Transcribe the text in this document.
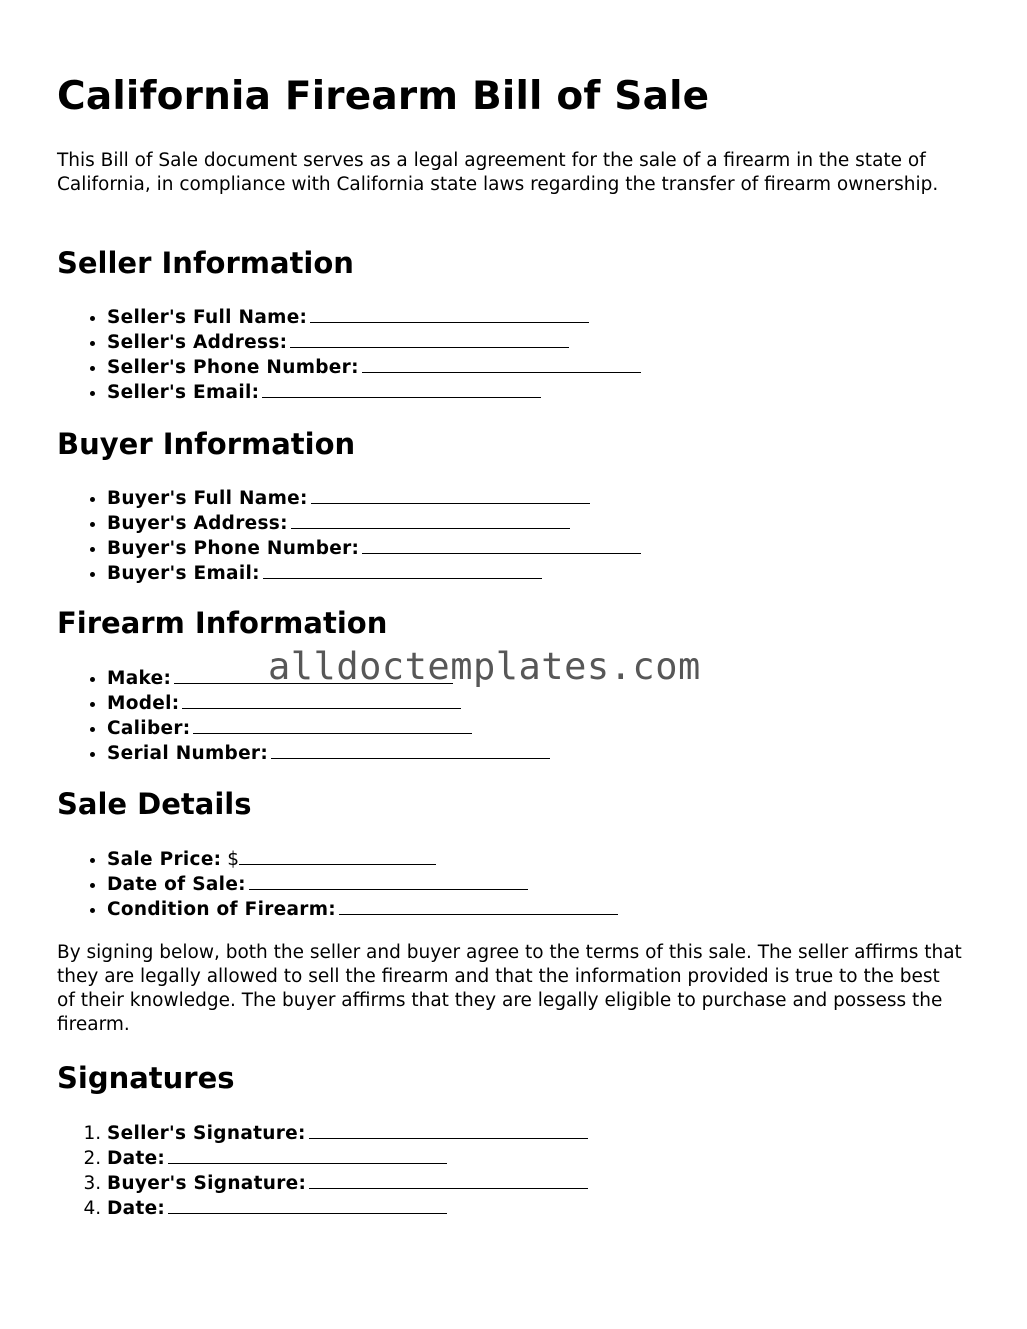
California Firearm Bill of Sale

This Bill of Sale document serves as a legal agreement for the sale of a firearm in the state of California, in compliance with California state laws regarding the transfer of firearm ownership.

Seller Information
• Seller's Full Name:
• Seller's Address:
• Seller's Phone Number:
• Seller's Email:
Buyer Information
• Buyer's Full Name:
• Buyer's Address:
• Buyer's Phone Number:
• Buyer's Email:
Firearm Information
• Make:
• Model:
• Caliber:
• Serial Number:
Sale Details
• Sale Price: $
• Date of Sale:
• Condition of Firearm:

By signing below, both the seller and buyer agree to the terms of this sale. The seller affirms that they are legally allowed to sell the firearm and that the information provided is true to the best of their knowledge. The buyer affirms that they are legally eligible to purchase and possess the firearm.

Signatures
1. Seller's Signature:
2. Date:
3. Buyer's Signature:
4. Date:
alldoctemplates.com
